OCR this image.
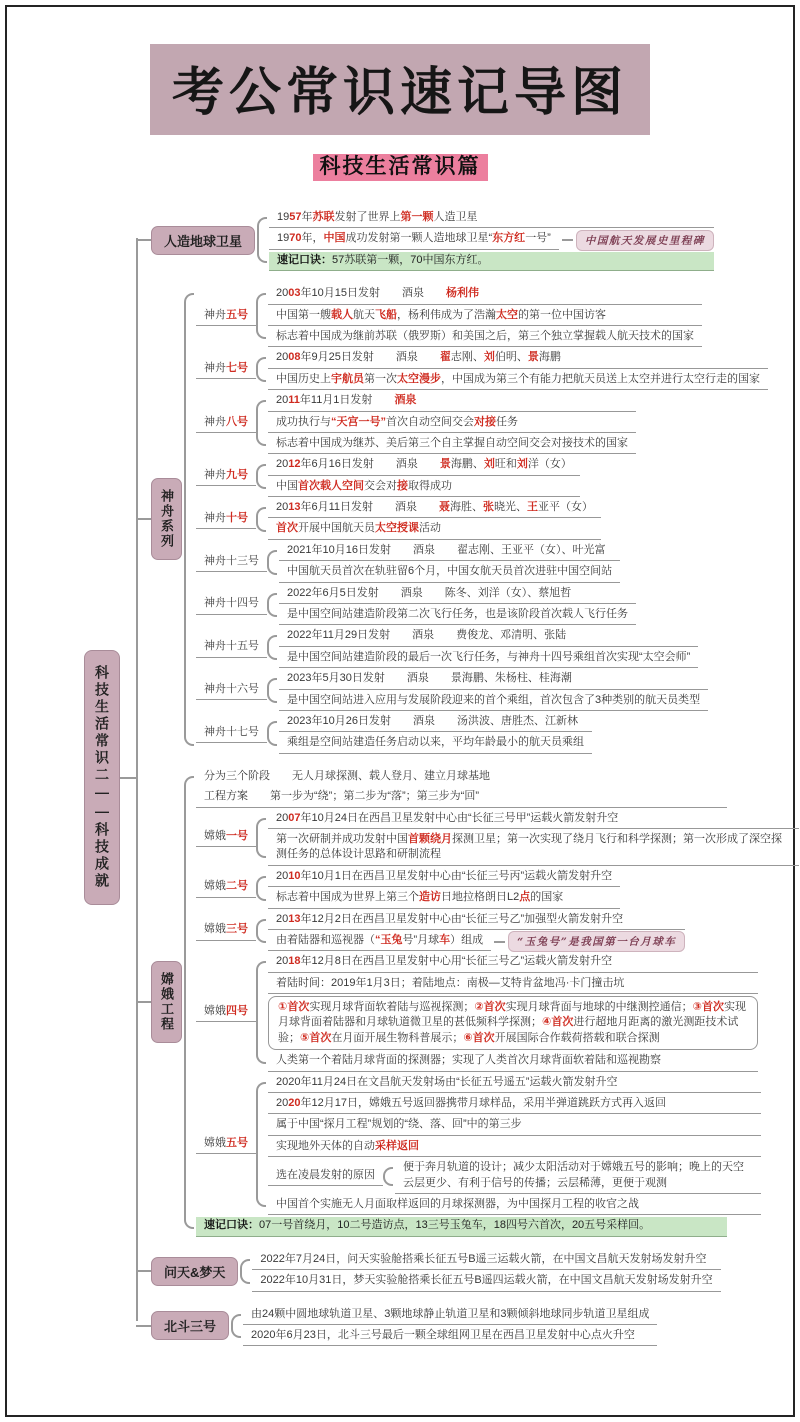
考公常识速记导图
科技生活常识篇
科技生活常识二——科技成就
人造地球卫星
1957年苏联发射了世界上第一颗人造卫星
1970年，中国成功发射第一颗人造地球卫星“东方红一号”	中国航天发展史里程碑
速记口诀：57苏联第一颗，70中国东方红。
神舟系列
神舟五号
2003年10月15日发射　　酒泉　　杨利伟
中国第一艘载人航天飞船，杨利伟成为了浩瀚太空的第一位中国访客
标志着中国成为继前苏联（俄罗斯）和美国之后，第三个独立掌握载人航天技术的国家
神舟七号
2008年9月25日发射　　酒泉　　翟志刚、刘伯明、景海鹏
中国历史上宇航员第一次太空漫步，中国成为第三个有能力把航天员送上太空并进行太空行走的国家
神舟八号
2011年11月1日发射　　酒泉
成功执行与“天宫一号”首次自动空间交会对接任务
标志着中国成为继苏、美后第三个自主掌握自动空间交会对接技术的国家
神舟九号
2012年6月16日发射　　酒泉　　景海鹏、刘旺和刘洋（女）
中国首次载人空间交会对接取得成功
神舟十号
2013年6月11日发射　　酒泉　　聂海胜、张晓光、王亚平（女）
首次开展中国航天员太空授课活动
神舟十三号
2021年10月16日发射　　酒泉　　翟志刚、王亚平（女）、叶光富
中国航天员首次在轨驻留6个月，中国女航天员首次进驻中国空间站
神舟十四号
2022年6月5日发射　　酒泉　　陈冬、刘洋（女）、蔡旭哲
是中国空间站建造阶段第二次飞行任务，也是该阶段首次载人飞行任务
神舟十五号
2022年11月29日发射　　酒泉　　费俊龙、邓清明、张陆
是中国空间站建造阶段的最后一次飞行任务，与神舟十四号乘组首次实现“太空会师”
神舟十六号
2023年5月30日发射　　酒泉　　景海鹏、朱杨柱、桂海潮
是中国空间站进入应用与发展阶段迎来的首个乘组，首次包含了3种类别的航天员类型
神舟十七号
2023年10月26日发射　　酒泉　　汤洪波、唐胜杰、江新林
乘组是空间站建造任务启动以来，平均年龄最小的航天员乘组
嫦娥工程
分为三个阶段　　无人月球探测、载人登月、建立月球基地
工程方案　　第一步为“绕”；第二步为“落”；第三步为“回”
嫦娥一号
2007年10月24日在西昌卫星发射中心由“长征三号甲”运载火箭发射升空
第一次研制并成功发射中国首颗绕月探测卫星；第一次实现了绕月飞行和科学探测；第一次形成了深空探测任务的总体设计思路和研制流程
嫦娥二号
2010年10月1日在西昌卫星发射中心由“长征三号丙”运载火箭发射升空
标志着中国成为世界上第三个造访日地拉格朗日L2点的国家
嫦娥三号
2013年12月2日在西昌卫星发射中心由“长征三号乙”加强型火箭发射升空
由着陆器和巡视器（“玉兔号”月球车）组成	“玉兔号”是我国第一台月球车
嫦娥四号
2018年12月8日在西昌卫星发射中心用“长征三号乙”运载火箭发射升空
着陆时间：2019年1月3日；着陆地点：南极—艾特肯盆地冯·卡门撞击坑
①首次实现月球背面软着陆与巡视探测；②首次实现月球背面与地球的中继测控通信；③首次实现月球背面着陆器和月球轨道微卫星的甚低频科学探测；④首次进行超地月距离的激光测距技术试验；⑤首次在月面开展生物科普展示；⑥首次开展国际合作载荷搭载和联合探测
人类第一个着陆月球背面的探测器；实现了人类首次月球背面软着陆和巡视勘察
嫦娥五号
2020年11月24日在文昌航天发射场由“长征五号遥五”运载火箭发射升空
2020年12月17日，嫦娥五号返回器携带月球样品，采用半弹道跳跃方式再入返回
属于中国“探月工程”规划的“绕、落、回”中的第三步
实现地外天体的自动采样返回
选在凌晨发射的原因
便于奔月轨道的设计；减少太阳活动对于嫦娥五号的影响；晚上的天空云层更少、有利于信号的传播；云层稀薄，更便于观测
中国首个实施无人月面取样返回的月球探测器，为中国探月工程的收官之战
速记口诀：07一号首绕月，10二号造访点，13三号玉兔车，18四号六首次，20五号采样回。
问天&梦天
2022年7月24日，问天实验舱搭乘长征五号B遥三运载火箭，在中国文昌航天发射场发射升空
2022年10月31日，梦天实验舱搭乘长征五号B遥四运载火箭，在中国文昌航天发射场发射升空
北斗三号
由24颗中圆地球轨道卫星、3颗地球静止轨道卫星和3颗倾斜地球同步轨道卫星组成
2020年6月23日，北斗三号最后一颗全球组网卫星在西昌卫星发射中心点火升空
